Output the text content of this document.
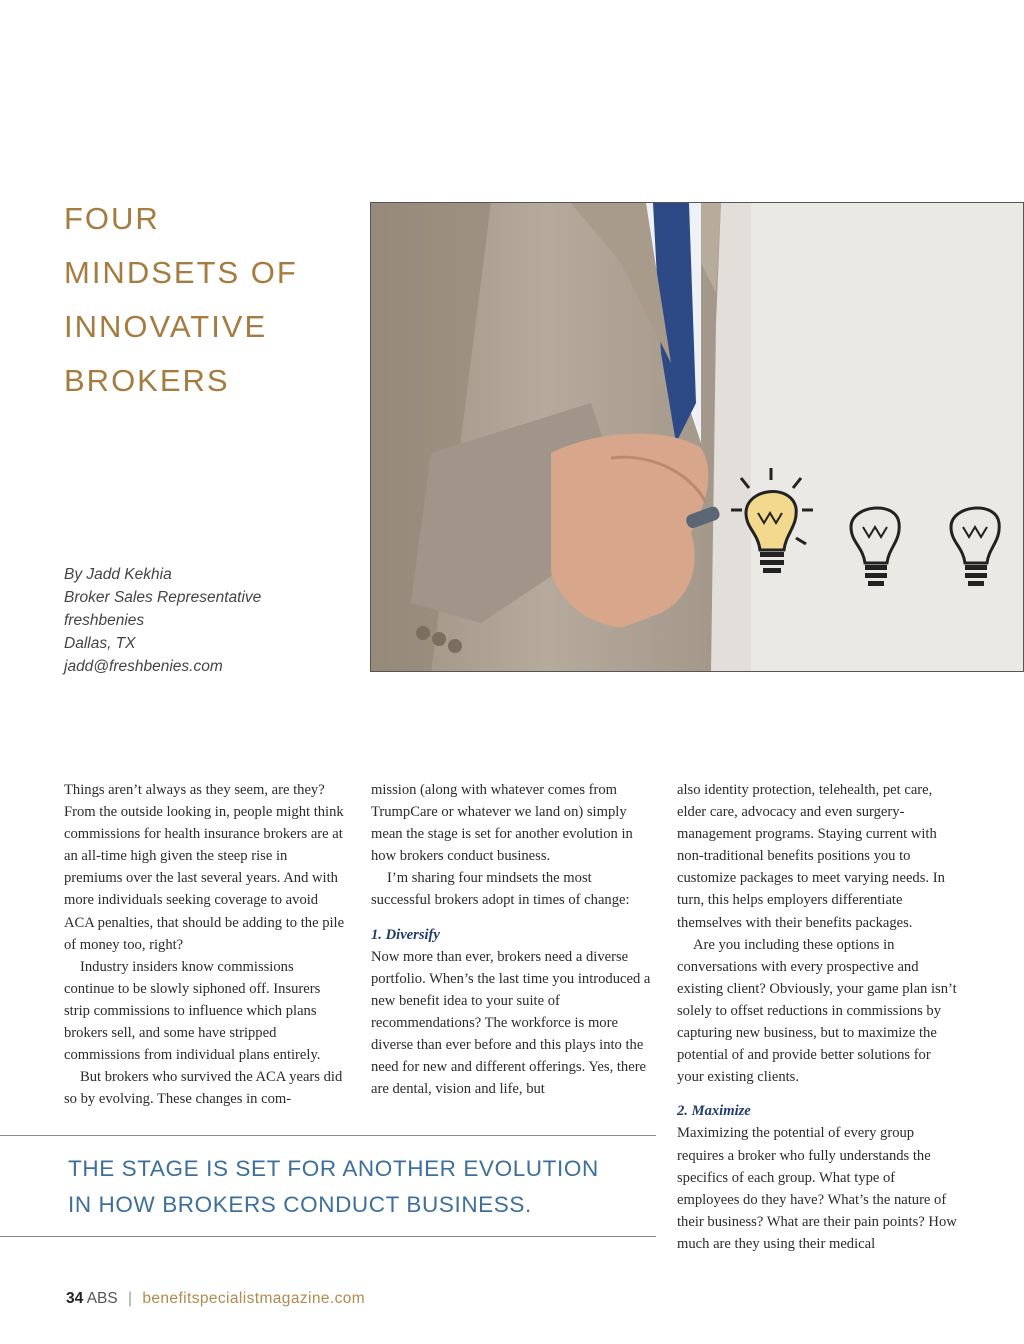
FOUR
MINDSETS OF
INNOVATIVE
BROKERS
By Jadd Kekhia
Broker Sales Representative
freshbenies
Dallas, TX
jadd@freshbenies.com

Things aren’t always as they seem, are they? From the outside looking in, people might think commissions for health insurance brokers are at an all-time high given the steep rise in premiums over the last several years. And with more individuals seeking coverage to avoid ACA penalties, that should be adding to the pile of money too, right?

Industry insiders know commissions continue to be slowly siphoned off. Insurers strip commissions to influence which plans brokers sell, and some have stripped commissions from individual plans entirely.

But brokers who survived the ACA years did so by evolving. These changes in com-

mission (along with whatever comes from TrumpCare or whatever we land on) simply mean the stage is set for another evolution in how brokers conduct business.

I’m sharing four mindsets the most successful brokers adopt in times of change:

1. Diversify

Now more than ever, brokers need a diverse portfolio. When’s the last time you introduced a new benefit idea to your suite of recommendations? The workforce is more diverse than ever before and this plays into the need for new and different offerings. Yes, there are dental, vision and life, but

also identity protection, telehealth, pet care, elder care, advocacy and even surgery-management programs. Staying current with non-traditional benefits positions you to customize packages to meet varying needs. In turn, this helps employers differentiate themselves with their benefits packages.

Are you including these options in conversations with every prospective and existing client? Obviously, your game plan isn’t solely to offset reductions in commissions by capturing new business, but to maximize the potential of and provide better solutions for your existing clients.

2. Maximize

Maximizing the potential of every group requires a broker who fully understands the specifics of each group. What type of employees do they have? What’s the nature of their business? What are their pain points? How much are they using their medical

THE STAGE IS SET FOR ANOTHER EVOLUTION
IN HOW BROKERS CONDUCT BUSINESS.
34 ABS | benefitspecialistmagazine.com
